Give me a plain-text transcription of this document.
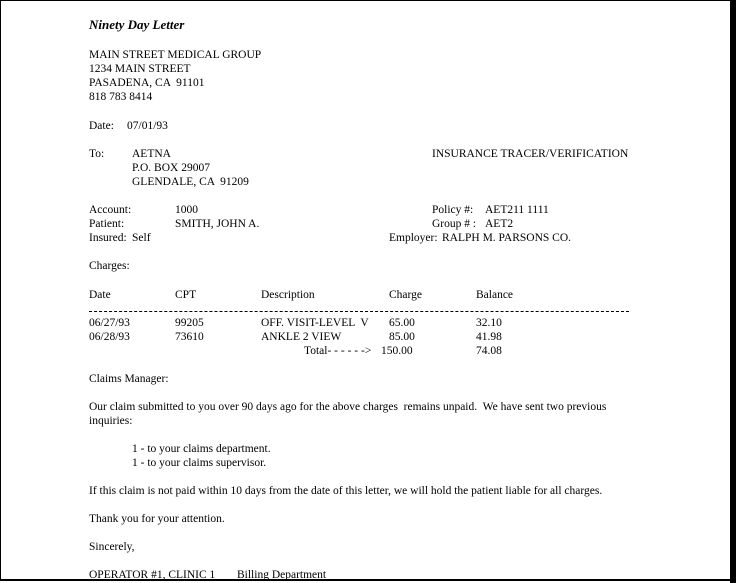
Ninety Day Letter
MAIN STREET MEDICAL GROUP
1234 MAIN STREET
PASADENA, CA  91101
818 783 8414
Date: 07/01/93
To: AETNA
P.O. BOX 29007
GLENDALE, CA  91209
INSURANCE TRACER/VERIFICATION
Account:	1000	Policy #: AET211 1111
Patient:	SMITH, JOHN A.	Group # : AET2
Insured: Self	Employer: RALPH M. PARSONS CO.
Charges:
Date	CPT	Description	Charge	Balance
06/27/93	99205	OFF. VISIT-LEVEL  V 65.00	32.10
06/28/93	73610	ANKLE 2 VIEW	85.00	41.98
Total- - - - - -> 150.00	74.08
Claims Manager:
Our claim submitted to you over 90 days ago for the above charges  remains unpaid.  We have sent two previous
inquiries:
1 - to your claims department.
1 - to your claims supervisor.
If this claim is not paid within 10 days from the date of this letter, we will hold the patient liable for all charges.
Thank you for your attention.
Sincerely,
OPERATOR #1, CLINIC 1 Billing Department
